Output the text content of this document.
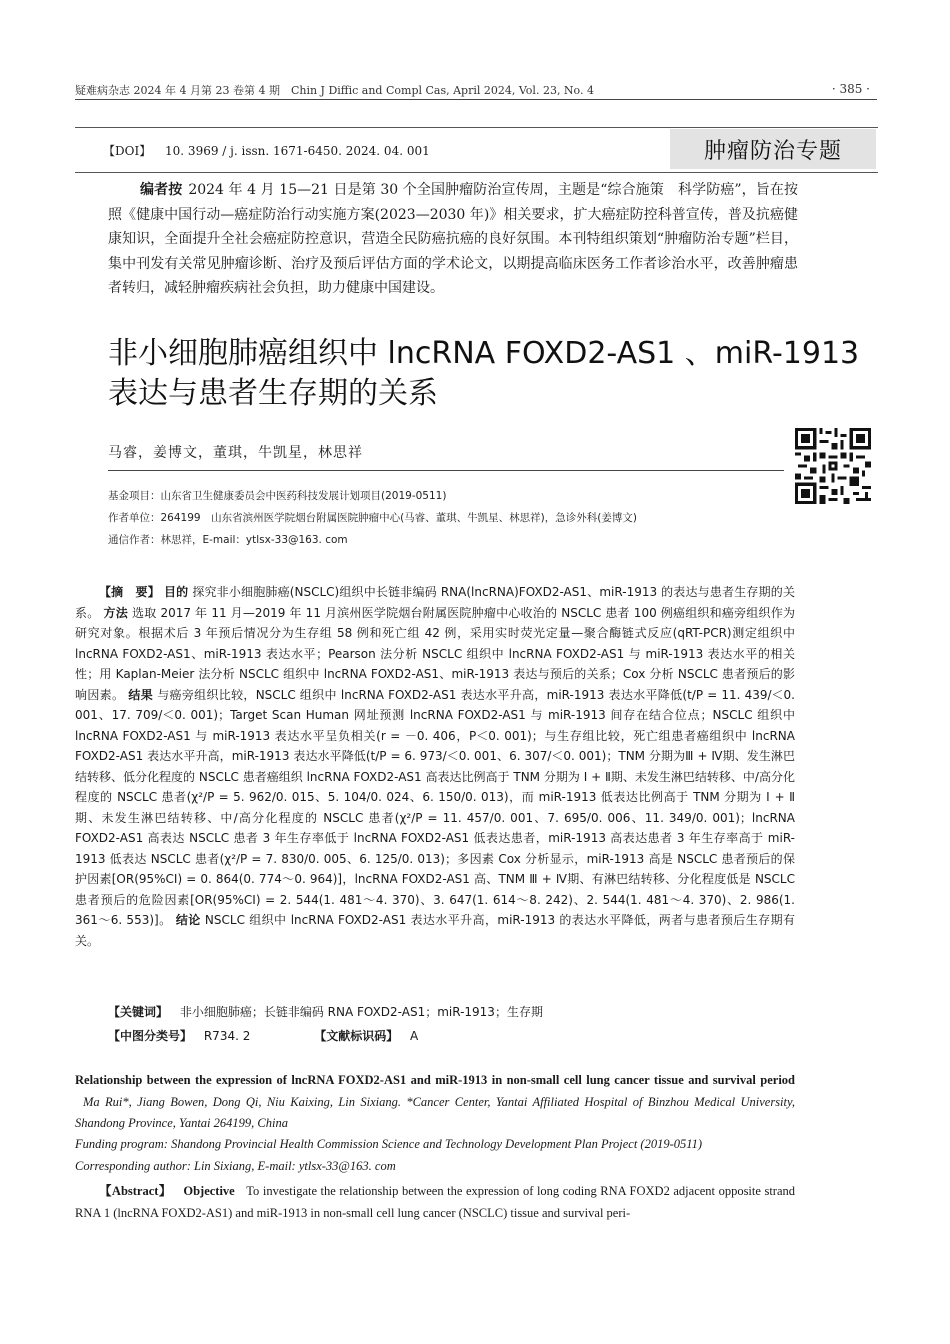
疑难病杂志 2024 年 4 月第 23 卷第 4 期　Chin J Diffic and Compl Cas, April 2024, Vol. 23, No. 4	· 385 ·
【DOI】 10. 3969 / j. issn. 1671-6450. 2024. 04. 001	肿瘤防治专题
编者按 2024 年 4 月 15—21 日是第 30 个全国肿瘤防治宣传周，主题是“综合施策　科学防癌”，旨在按照《健康中国行动—癌症防治行动实施方案(2023—2030 年)》相关要求，扩大癌症防控科普宣传，普及抗癌健康知识，全面提升全社会癌症防控意识，营造全民防癌抗癌的良好氛围。本刊特组织策划“肿瘤防治专题”栏目，集中刊发有关常见肿瘤诊断、治疗及预后评估方面的学术论文，以期提高临床医务工作者诊治水平，改善肿瘤患者转归，减轻肿瘤疾病社会负担，助力健康中国建设。
非小细胞肺癌组织中 lncRNA FOXD2-AS1 、miR-1913
表达与患者生存期的关系
马睿，姜博文，董琪，牛凯星，林思祥
基金项目：山东省卫生健康委员会中医药科技发展计划项目(2019-0511)
作者单位：264199　山东省滨州医学院烟台附属医院肿瘤中心(马睿、董琪、牛凯星、林思祥)，急诊外科(姜博文)
通信作者：林思祥，E-mail：ytlsx-33@163. com
【摘　要】 目的 探究非小细胞肺癌(NSCLC)组织中长链非编码 RNA(lncRNA)FOXD2-AS1、miR-1913 的表达与患者生存期的关系。 方法 选取 2017 年 11 月—2019 年 11 月滨州医学院烟台附属医院肿瘤中心收治的 NSCLC 患者 100 例癌组织和癌旁组织作为研究对象。根据术后 3 年预后情况分为生存组 58 例和死亡组 42 例，采用实时荧光定量—聚合酶链式反应(qRT-PCR)测定组织中 lncRNA FOXD2-AS1、miR-1913 表达水平；Pearson 法分析 NSCLC 组织中 lncRNA FOXD2-AS1 与 miR-1913 表达水平的相关性；用 Kaplan-Meier 法分析 NSCLC 组织中 lncRNA FOXD2-AS1、miR-1913 表达与预后的关系；Cox 分析 NSCLC 患者预后的影响因素。 结果 与癌旁组织比较，NSCLC 组织中 lncRNA FOXD2-AS1 表达水平升高，miR-1913 表达水平降低(t/P = 11. 439/＜0. 001、17. 709/＜0. 001)；Target Scan Human 网址预测 lncRNA FOXD2-AS1 与 miR-1913 间存在结合位点；NSCLC 组织中 lncRNA FOXD2-AS1 与 miR-1913 表达水平呈负相关(r = －0. 406，P＜0. 001)；与生存组比较，死亡组患者癌组织中 lncRNA FOXD2-AS1 表达水平升高，miR-1913 表达水平降低(t/P = 6. 973/＜0. 001、6. 307/＜0. 001)；TNM 分期为Ⅲ + Ⅳ期、发生淋巴结转移、低分化程度的 NSCLC 患者癌组织 lncRNA FOXD2-AS1 高表达比例高于 TNM 分期为 Ⅰ + Ⅱ期、未发生淋巴结转移、中/高分化程度的 NSCLC 患者(χ²/P = 5. 962/0. 015、5. 104/0. 024、6. 150/0. 013)，而 miR-1913 低表达比例高于 TNM 分期为 Ⅰ + Ⅱ期、未发生淋巴结转移、中/高分化程度的 NSCLC 患者(χ²/P = 11. 457/0. 001、7. 695/0. 006、11. 349/0. 001)；lncRNA FOXD2-AS1 高表达 NSCLC 患者 3 年生存率低于 lncRNA FOXD2-AS1 低表达患者，miR-1913 高表达患者 3 年生存率高于 miR-1913 低表达 NSCLC 患者(χ²/P = 7. 830/0. 005、6. 125/0. 013)；多因素 Cox 分析显示，miR-1913 高是 NSCLC 患者预后的保护因素[OR(95%CI) = 0. 864(0. 774～0. 964)]，lncRNA FOXD2-AS1 高、TNM Ⅲ + Ⅳ期、有淋巴结转移、分化程度低是 NSCLC 患者预后的危险因素[OR(95%CI) = 2. 544(1. 481～4. 370)、3. 647(1. 614～8. 242)、2. 544(1. 481～4. 370)、2. 986(1. 361～6. 553)]。 结论 NSCLC 组织中 lncRNA FOXD2-AS1 表达水平升高，miR-1913 的表达水平降低，两者与患者预后生存期有关。
【关键词】 非小细胞肺癌；长链非编码 RNA FOXD2-AS1；miR-1913；生存期
【中图分类号】 R734. 2	【文献标识码】 A
Relationship between the expression of lncRNA FOXD2-AS1 and miR-1913 in non-small cell lung cancer tissue and survival period Ma Rui*, Jiang Bowen, Dong Qi, Niu Kaixing, Lin Sixiang. *Cancer Center, Yantai Affiliated Hospital of Binzhou Medical University, Shandong Province, Yantai 264199, China
Funding program: Shandong Provincial Health Commission Science and Technology Development Plan Project (2019-0511)
Corresponding author: Lin Sixiang, E-mail: ytlsx-33@163. com
【Abstract】 Objective To investigate the relationship between the expression of long coding RNA FOXD2 adjacent opposite strand RNA 1 (lncRNA FOXD2-AS1) and miR-1913 in non-small cell lung cancer (NSCLC) tissue and survival peri-
